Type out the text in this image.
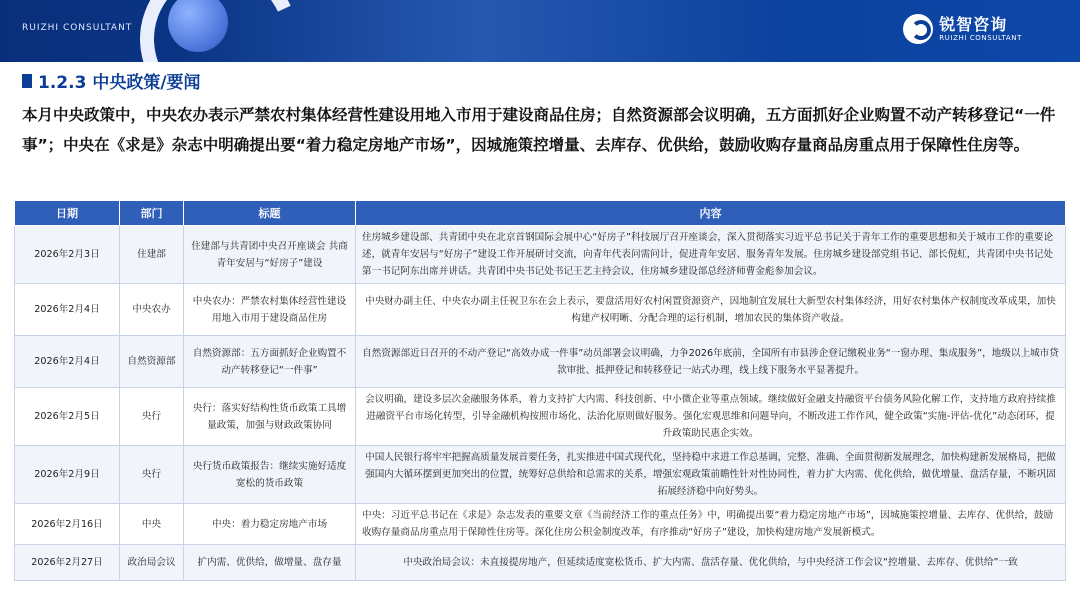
RUIZHI CONSULTANT	锐智咨询
RUIZHI CONSULTANT
1.2.3 中央政策/要闻
本月中央政策中，中央农办表示严禁农村集体经营性建设用地入市用于建设商品住房；自然资源部会议明确，五方面抓好企业购置不动产转移登记“一件事”；中央在《求是》杂志中明确提出要“着力稳定房地产市场”，因城施策控增量、去库存、优供给，鼓励收购存量商品房重点用于保障性住房等。
日期	部门	标题	内容
2026年2月3日	住建部	住建部与共青团中央召开座谈会 共商青年安居与“好房子”建设	住房城乡建设部、共青团中央在北京首钢国际会展中心“好房子”科技展厅召开座谈会，深入贯彻落实习近平总书记关于青年工作的重要思想和关于城市工作的重要论述，就青年安居与“好房子”建设工作开展研讨交流，向青年代表问需问计，促进青年安居、服务青年发展。住房城乡建设部党组书记、部长倪虹，共青团中央书记处第一书记阿东出席并讲话。共青团中央书记处书记王艺主持会议，住房城乡建设部总经济师曹金彪参加会议。
2026年2月4日	中央农办	中央农办：严禁农村集体经营性建设用地入市用于建设商品住房	中央财办副主任、中央农办副主任祝卫东在会上表示，要盘活用好农村闲置资源资产，因地制宜发展壮大新型农村集体经济，用好农村集体产权制度改革成果，加快构建产权明晰、分配合理的运行机制，增加农民的集体资产收益。
2026年2月4日	自然资源部	自然资源部：五方面抓好企业购置不动产转移登记“一件事”	自然资源部近日召开的不动产登记“高效办成一件事”动员部署会议明确，力争2026年底前，全国所有市县涉企登记缴税业务“一窗办理、集成服务”，地级以上城市贷款审批、抵押登记和转移登记一站式办理，线上线下服务水平显著提升。
2026年2月5日	央行	央行：落实好结构性货币政策工具增量政策，加强与财政政策协同	会议明确，建设多层次金融服务体系，着力支持扩大内需、科技创新、中小微企业等重点领域。继续做好金融支持融资平台债务风险化解工作，支持地方政府持续推进融资平台市场化转型，引导金融机构按照市场化、法治化原则做好服务。强化宏观思维和问题导向，不断改进工作作风，健全政策“实施-评估-优化”动态闭环，提升政策助民惠企实效。
2026年2月9日	央行	央行货币政策报告：继续实施好适度宽松的货币政策	中国人民银行将牢牢把握高质量发展首要任务，扎实推进中国式现代化，坚持稳中求进工作总基调，完整、准确、全面贯彻新发展理念，加快构建新发展格局，把做强国内大循环摆到更加突出的位置，统筹好总供给和总需求的关系，增强宏观政策前瞻性针对性协同性，着力扩大内需、优化供给，做优增量、盘活存量，不断巩固拓展经济稳中向好势头。
2026年2月16日	中央	中央：着力稳定房地产市场	中央：习近平总书记在《求是》杂志发表的重要文章《当前经济工作的重点任务》中，明确提出要“着力稳定房地产市场”，因城施策控增量、去库存、优供给，鼓励收购存量商品房重点用于保障性住房等。深化住房公积金制度改革，有序推动“好房子”建设，加快构建房地产发展新模式。
2026年2月27日	政治局会议	扩内需、优供给，做增量、盘存量	中央政治局会议：未直接提房地产，但延续适度宽松货币、扩大内需、盘活存量、优化供给，与中央经济工作会议“控增量、去库存、优供给”一致
